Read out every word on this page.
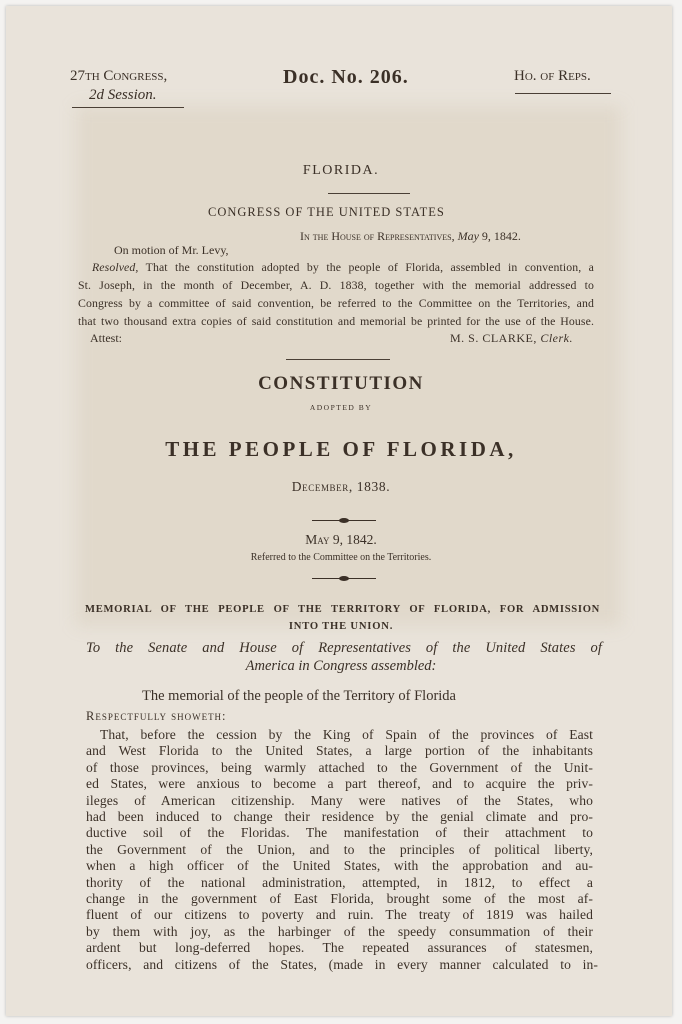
27th Congress,
2d Session.
Doc. No. 206.	Ho. of Reps.
FLORIDA.
CONGRESS OF THE UNITED STATES
In the House of Representatives, May 9, 1842.
On motion of Mr. Levy,
Resolved, That the constitution adopted by the people of Florida, assembled in convention, a
St. Joseph, in the month of December, A. D. 1838, together with the memorial addressed to
Congress by a committee of said convention, be referred to the Committee on the Territories, and
that two thousand extra copies of said constitution and memorial be printed for the use of the House.
Attest:	M. S. CLARKE, Clerk.
CONSTITUTION
ADOPTED BY
THE PEOPLE OF FLORIDA,
December, 1838.
May 9, 1842.
Referred to the Committee on the Territories.
MEMORIAL OF THE PEOPLE OF THE TERRITORY OF FLORIDA, FOR ADMISSION
INTO THE UNION.
To the Senate and House of Representatives of the United States of
America in Congress assembled:
The memorial of the people of the Territory of Florida
Respectfully showeth:
That, before the cession by the King of Spain of the provinces of East
and West Florida to the United States, a large portion of the inhabitants
of those provinces, being warmly attached to the Government of the Unit-
ed States, were anxious to become a part thereof, and to acquire the priv-
ileges of American citizenship. Many were natives of the States, who
had been induced to change their residence by the genial climate and pro-
ductive soil of the Floridas. The manifestation of their attachment to
the Government of the Union, and to the principles of political liberty,
when a high officer of the United States, with the approbation and au-
thority of the national administration, attempted, in 1812, to effect a
change in the government of East Florida, brought some of the most af-
fluent of our citizens to poverty and ruin. The treaty of 1819 was hailed
by them with joy, as the harbinger of the speedy consummation of their
ardent but long-deferred hopes. The repeated assurances of statesmen,
officers, and citizens of the States, (made in every manner calculated to in-
